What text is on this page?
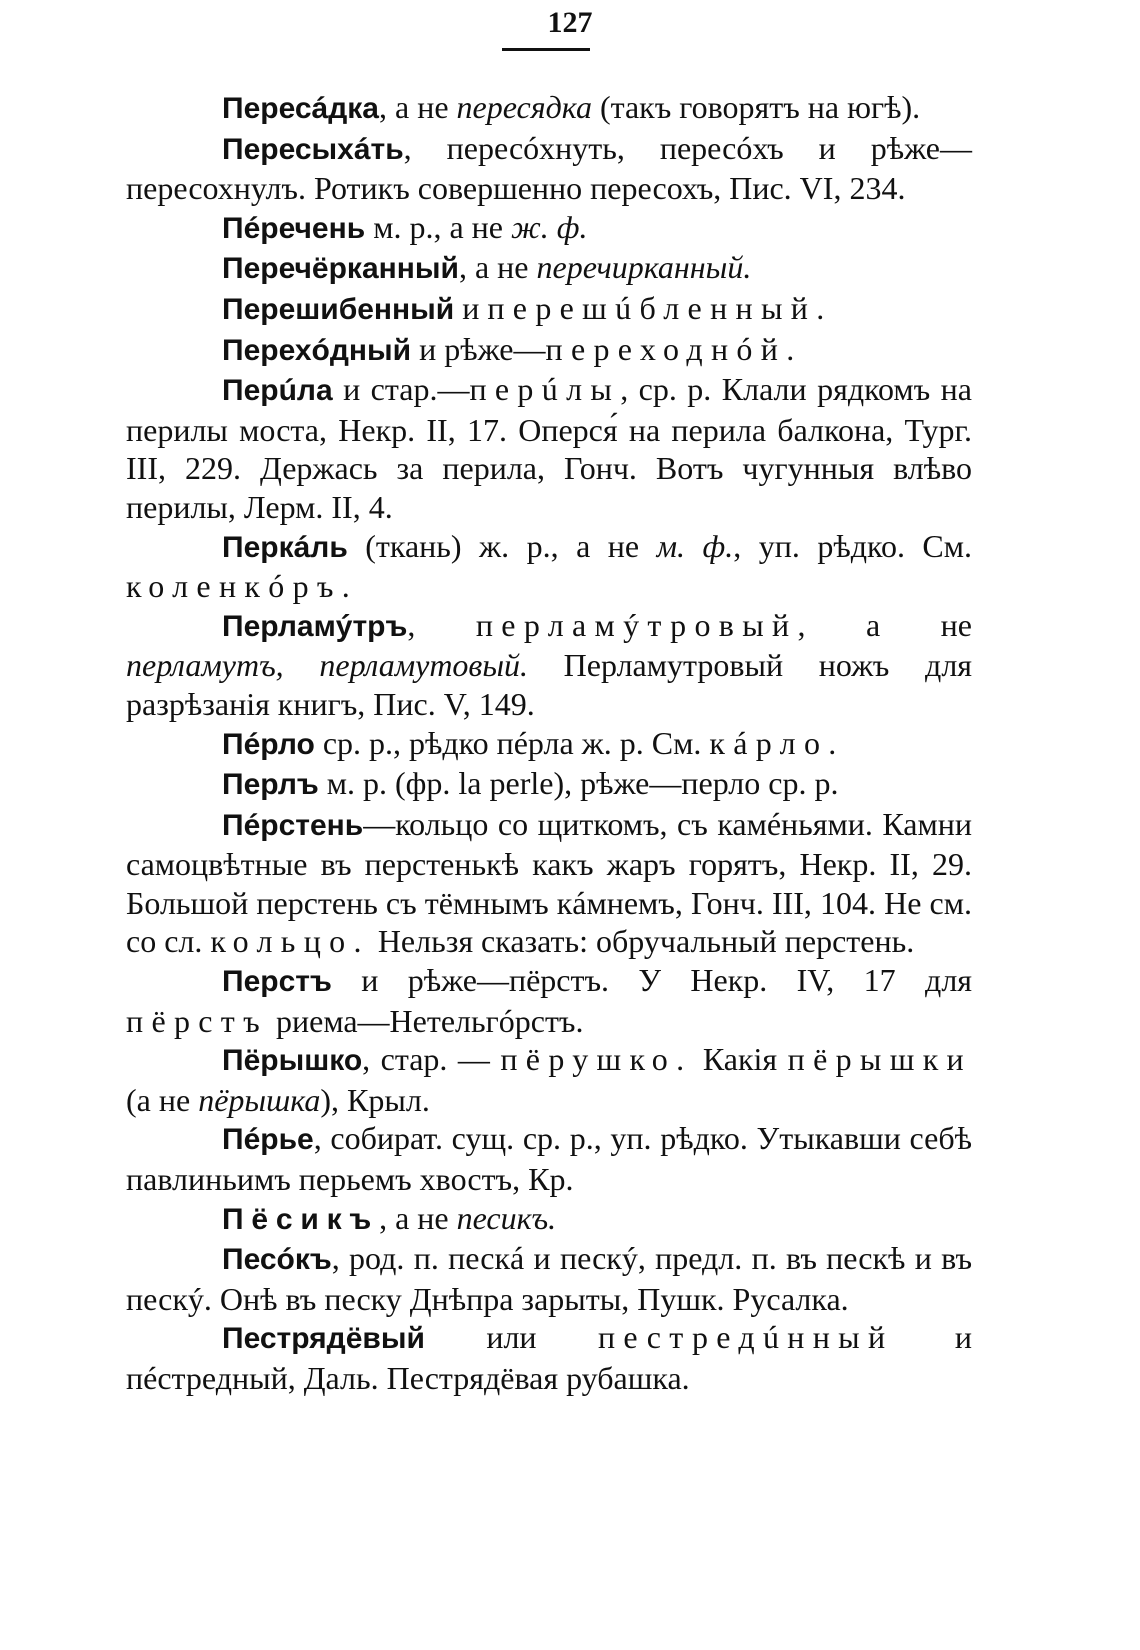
127

Пересáдка, а не пересядка (такъ говорятъ на югѣ).

Пересыхáть, пересóхнуть, пересóхъ и рѣже—пересохнулъ. Ротикъ совершенно пересохъ, Пис. VI, 234.

Пéречень м. р., а не ж. ф.

Перечёрканный, а не перечирканный.

Перешибенный и перешúбленный.

Перехóдный и рѣже—переходнóй.

Перúла и стар.—перúлы, ср. р. Клали рядкомъ на перилы моста, Некр. II, 17. Оперся́ на перила балкона, Тург. III, 229. Держась за перила, Гонч. Вотъ чугунныя влѣво перилы, Лерм. II, 4.

Перкáль (ткань) ж. р., а не м. ф., уп. рѣдко. См. коленкóръ.

Перламýтръ, перламýтровый, а не перламутъ, перламутовый. Перламутровый ножъ для разрѣзанія книгъ, Пис. V, 149.

Пéрло ср. р., рѣдко пéрла ж. р. См. кáрло.

Перлъ м. р. (фр. la perle), рѣже—перло ср. р.

Пéрстень—кольцо со щиткомъ, съ камéньями. Камни самоцвѣтные въ перстенькѣ какъ жаръ горятъ, Некр. II, 29. Большой перстень съ тёмнымъ кáмнемъ, Гонч. III, 104. Не см. со сл. кольцо. Нельзя сказать: обручальный перстень.

Перстъ и рѣже—пёрстъ. У Некр. IV, 17 для пёрстъ риема—Нетельгóрстъ.

Пёрышко, стар. — пёрушко. Какія пёрышки (а не пёрышка), Крыл.

Пéрье, собират. сущ. ср. р., уп. рѣдко. Утыкавши себѣ павлиньимъ перьемъ хвостъ, Кр.

Пёсикъ, а не песикъ.

Песóкъ, род. п. пескá и пескý, предл. п. въ пескѣ и въ пескý. Онѣ въ песку Днѣпра зарыты, Пушк. Русалка.

Пестрядёвый или пестредúнный и пéстредный, Даль. Пестрядёвая рубашка.
